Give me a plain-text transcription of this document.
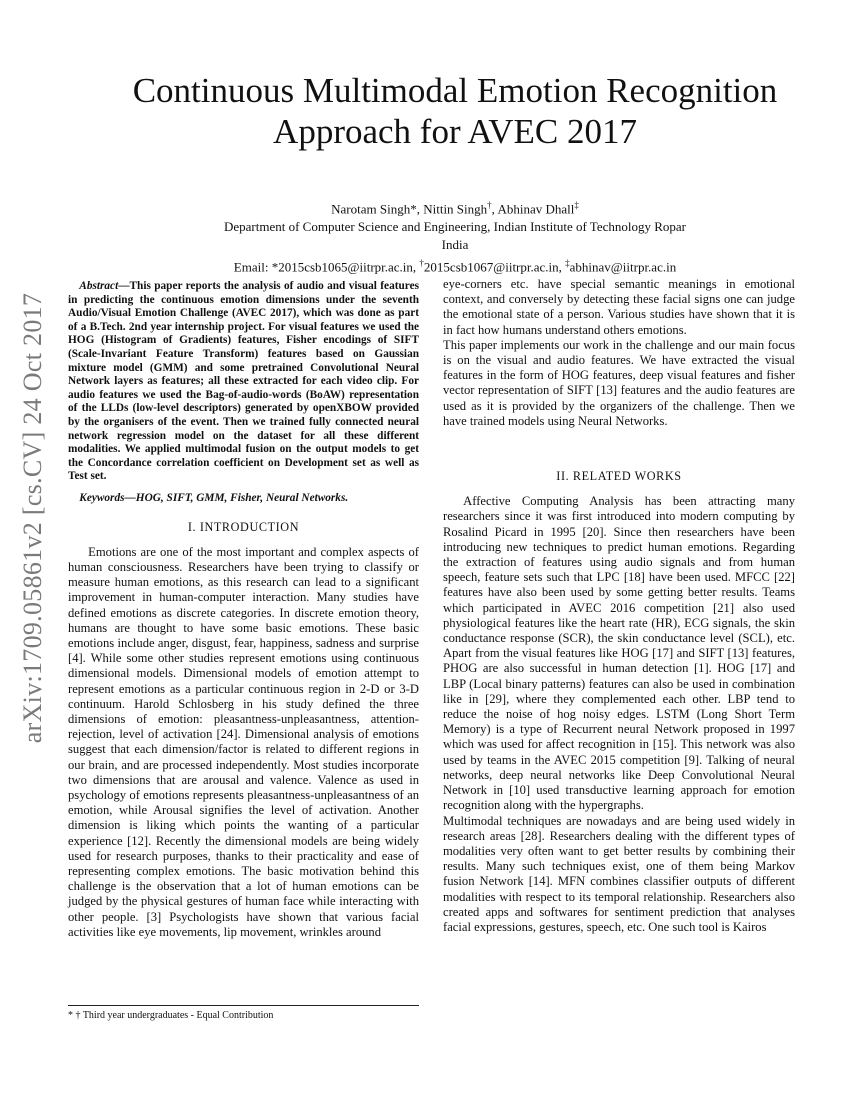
arXiv:1709.05861v2 [cs.CV] 24 Oct 2017
Continuous Multimodal Emotion Recognition
Approach for AVEC 2017
Narotam Singh*, Nittin Singh†, Abhinav Dhall‡
Department of Computer Science and Engineering, Indian Institute of Technology Ropar
India
Email: *2015csb1065@iitrpr.ac.in, †2015csb1067@iitrpr.ac.in, ‡abhinav@iitrpr.ac.in

Abstract—This paper reports the analysis of audio and visual features in predicting the continuous emotion dimensions under the seventh Audio/Visual Emotion Challenge (AVEC 2017), which was done as part of a B.Tech. 2nd year internship project. For visual features we used the HOG (Histogram of Gradients) features, Fisher encodings of SIFT (Scale-Invariant Feature Transform) features based on Gaussian mixture model (GMM) and some pretrained Convolutional Neural Network layers as features; all these extracted for each video clip. For audio features we used the Bag-of-audio-words (BoAW) representation of the LLDs (low-level descriptors) generated by openXBOW provided by the organisers of the event. Then we trained fully connected neural network regression model on the dataset for all these different modalities. We applied multimodal fusion on the output models to get the Concordance correlation coefficient on Development set as well as Test set.

Keywords—HOG, SIFT, GMM, Fisher, Neural Networks.

I. INTRODUCTION

Emotions are one of the most important and complex aspects of human consciousness. Researchers have been trying to classify or measure human emotions, as this research can lead to a significant improvement in human-computer interaction. Many studies have defined emotions as discrete categories. In discrete emotion theory, humans are thought to have some basic emotions. These basic emotions include anger, disgust, fear, happiness, sadness and surprise [4]. While some other studies represent emotions using continuous dimensional models. Dimensional models of emotion attempt to represent emotions as a particular continuous region in 2-D or 3-D continuum. Harold Schlosberg in his study defined the three dimensions of emotion: pleasantness-unpleasantness, attention-rejection, level of activation [24]. Dimensional analysis of emotions suggest that each dimension/factor is related to different regions in our brain, and are processed independently. Most studies incorporate two dimensions that are arousal and valence. Valence as used in psychology of emotions represents pleasantness-unpleasantness of an emotion, while Arousal signifies the level of activation. Another dimension is liking which points the wanting of a particular experience [12]. Recently the dimensional models are being widely used for research purposes, thanks to their practicality and ease of representing complex emotions. The basic motivation behind this challenge is the observation that a lot of human emotions can be judged by the physical gestures of human face while interacting with other people. [3] Psychologists have shown that various facial activities like eye movements, lip movement, wrinkles around

eye-corners etc. have special semantic meanings in emotional context, and conversely by detecting these facial signs one can judge the emotional state of a person. Various studies have shown that it is in fact how humans understand others emotions.

This paper implements our work in the challenge and our main focus is on the visual and audio features. We have extracted the visual features in the form of HOG features, deep visual features and fisher vector representation of SIFT [13] features and the audio features are used as it is provided by the organizers of the challenge. Then we have trained models using Neural Networks.

II. RELATED WORKS

Affective Computing Analysis has been attracting many researchers since it was first introduced into modern computing by Rosalind Picard in 1995 [20]. Since then researchers have been introducing new techniques to predict human emotions. Regarding the extraction of features using audio signals and from human speech, feature sets such that LPC [18] have been used. MFCC [22] features have also been used by some getting better results. Teams which participated in AVEC 2016 competition [21] also used physiological features like the heart rate (HR), ECG signals, the skin conductance response (SCR), the skin conductance level (SCL), etc. Apart from the visual features like HOG [17] and SIFT [13] features, PHOG are also successful in human detection [1]. HOG [17] and LBP (Local binary patterns) features can also be used in combination like in [29], where they complemented each other. LBP tend to reduce the noise of hog noisy edges. LSTM (Long Short Term Memory) is a type of Recurrent neural Network proposed in 1997 which was used for affect recognition in [15]. This network was also used by teams in the AVEC 2015 competition [9]. Talking of neural networks, deep neural networks like Deep Convolutional Neural Network in [10] used transductive learning approach for emotion recognition along with the hypergraphs.

Multimodal techniques are nowadays and are being used widely in research areas [28]. Researchers dealing with the different types of modalities very often want to get better results by combining their results. Many such techniques exist, one of them being Markov fusion Network [14]. MFN combines classifier outputs of different modalities with respect to its temporal relationship. Researchers also created apps and softwares for sentiment prediction that analyses facial expressions, gestures, speech, etc. One such tool is Kairos

* † Third year undergraduates - Equal Contribution
